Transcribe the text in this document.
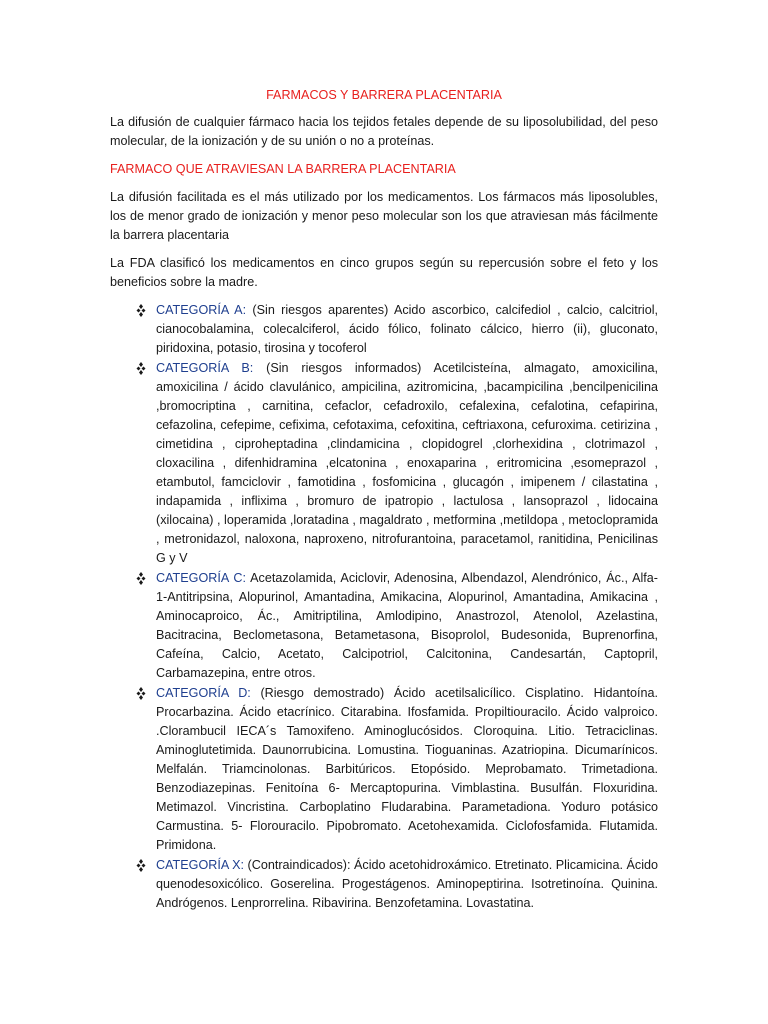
FARMACOS Y BARRERA PLACENTARIA

La difusión de cualquier fármaco hacia los tejidos fetales depende de su liposolubilidad, del peso molecular, de la ionización y de su unión o no a proteínas.

FARMACO QUE ATRAVIESAN LA BARRERA PLACENTARIA

La difusión facilitada es el más utilizado por los medicamentos. Los fármacos más liposolubles, los de menor grado de ionización y menor peso molecular son los que atraviesan más fácilmente la barrera placentaria

La FDA clasificó los medicamentos en cinco grupos según su repercusión sobre el feto y los beneficios sobre la madre.

CATEGORÍA A: (Sin riesgos aparentes) Acido ascorbico, calcifediol , calcio, calcitriol, cianocobalamina, colecalciferol, ácido fólico, folinato cálcico, hierro (ii), gluconato, piridoxina, potasio, tirosina y tocoferol
CATEGORÍA B: (Sin riesgos informados) Acetilcisteína, almagato, amoxicilina, amoxicilina / ácido clavulánico, ampicilina, azitromicina, ,bacampicilina ,bencilpenicilina ,bromocriptina , carnitina, cefaclor, cefadroxilo, cefalexina, cefalotina, cefapirina, cefazolina, cefepime, cefixima, cefotaxima, cefoxitina, ceftriaxona, cefuroxima. cetirizina , cimetidina , ciproheptadina ,clindamicina , clopidogrel ,clorhexidina , clotrimazol , cloxacilina , difenhidramina ,elcatonina , enoxaparina , eritromicina ,esomeprazol , etambutol, famciclovir , famotidina , fosfomicina , glucagón , imipenem / cilastatina , indapamida , infliximа , bromuro de ipatropio , lactulosa , lansoprazol , lidocaina (xilocaina) , loperamida ,loratadina , magaldrato , metformina ,metildopa , metoclopramida , metronidazol, naloxona, naproxeno, nitrofurantoina, paracetamol, ranitidina, Penicilinas G y V
CATEGORÍA C: Acetazolamida, Aciclovir, Adenosina, Albendazol, Alendrónico, Ác., Alfa-1-Antitripsina, Alopurinol, Amantadina, Amikacina, Alopurinol, Amantadina, Amikacina , Aminocaproico, Ác., Amitriptilina, Amlodipino, Anastrozol, Atenolol, Azelastina, Bacitracina, Beclometasona, Betametasona, Bisoprolol, Budesonida, Buprenorfina, Cafeína, Calcio, Acetato, Calcipotriol, Calcitonina, Candesartán, Captopril, Carbamazepina, entre otros.
CATEGORÍA D: (Riesgo demostrado) Ácido acetilsalicílico. Cisplatino. Hidantoína. Procarbazina. Ácido etacrínico. Citarabina. Ifosfamida. Propiltiouracilo. Ácido valproico. .Clorambucil IECA´s Tamoxifeno. Aminoglucósidos. Cloroquina. Litio. Tetraciclinas. Aminoglutetimida. Daunorrubicina. Lomustina. Tioguaninas. Azatriopina. Dicumarínicos. Melfalán. Triamcinolonas. Barbitúricos. Etopósido. Meprobamato. Trimetadiona. Benzodiazepinas. Fenitoína 6- Mercaptopurina. Vimblastina. Busulfán. Floxuridina. Metimazol. Vincristina. Carboplatino Fludarabina. Parametadiona. Yoduro potásico Carmustina. 5- Florouracilo. Pipobromato. Acetohexamida. Ciclofosfamida. Flutamida. Primidona.
CATEGORÍA X: (Contraindicados): Ácido acetohidroxámico. Etretinato. Plicamicina. Ácido quenodesoxicólico. Goserelina. Progestágenos. Aminopeptirina. Isotretinoína. Quinina. Andrógenos. Lenprorrelina. Ribavirina. Benzofetamina. Lovastatina.
